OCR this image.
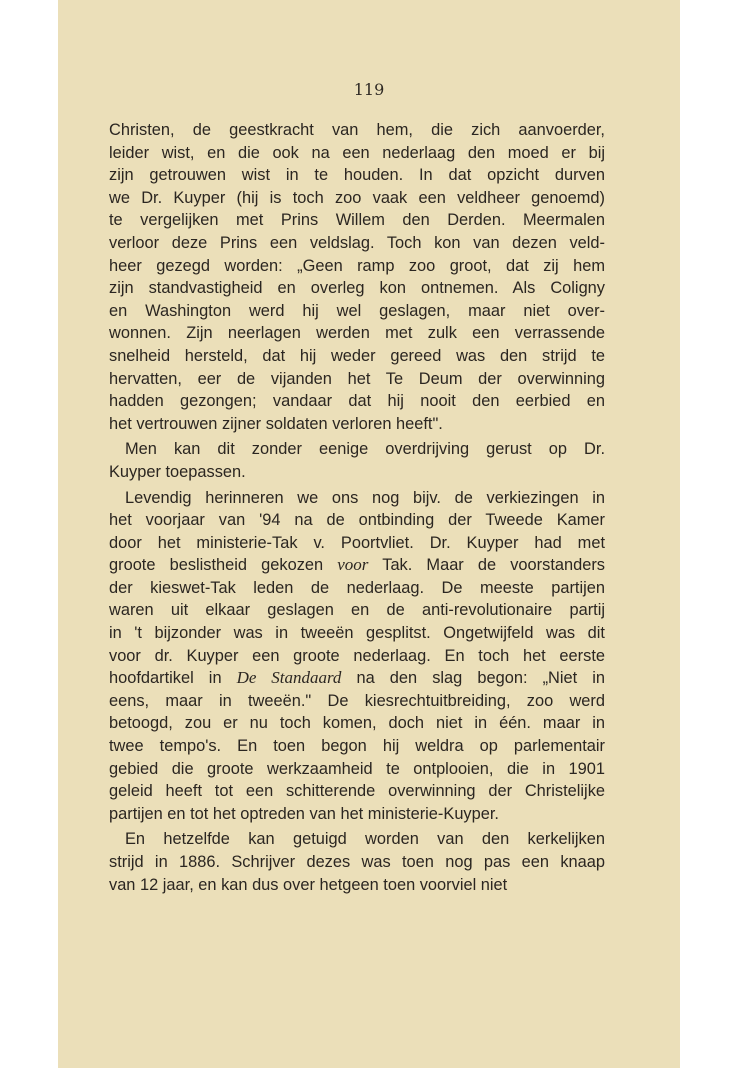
119
Christen, de geestkracht van hem, die zich aanvoerder,
leider wist, en die ook na een nederlaag den moed er bij
zijn getrouwen wist in te houden. In dat opzicht durven
we Dr. Kuyper (hij is toch zoo vaak een veldheer genoemd)
te vergelijken met Prins Willem den Derden. Meermalen
verloor deze Prins een veldslag. Toch kon van dezen veld-
heer gezegd worden: „Geen ramp zoo groot, dat zij hem
zijn standvastigheid en overleg kon ontnemen. Als Coligny
en Washington werd hij wel geslagen, maar niet over-
wonnen. Zijn neerlagen werden met zulk een verrassende
snelheid hersteld, dat hij weder gereed was den strijd te
hervatten, eer de vijanden het Te Deum der overwinning
hadden gezongen; vandaar dat hij nooit den eerbied en
het vertrouwen zijner soldaten verloren heeft".
Men kan dit zonder eenige overdrijving gerust op Dr.
Kuyper toepassen.
Levendig herinneren we ons nog bijv. de verkiezingen in
het voorjaar van '94 na de ontbinding der Tweede Kamer
door het ministerie-Tak v. Poortvliet. Dr. Kuyper had met
groote beslistheid gekozen voor Tak. Maar de voorstanders
der kieswet-Tak leden de nederlaag. De meeste partijen
waren uit elkaar geslagen en de anti-revolutionaire partij
in 't bijzonder was in tweeën gesplitst. Ongetwijfeld was dit
voor dr. Kuyper een groote nederlaag. En toch het eerste
hoofdartikel in De Standaard na den slag begon: „Niet in
eens, maar in tweeën." De kiesrechtuitbreiding, zoo werd
betoogd, zou er nu toch komen, doch niet in één. maar in
twee tempo's. En toen begon hij weldra op parlementair
gebied die groote werkzaamheid te ontplooien, die in 1901
geleid heeft tot een schitterende overwinning der Christelijke
partijen en tot het optreden van het ministerie-Kuyper.
En hetzelfde kan getuigd worden van den kerkelijken
strijd in 1886. Schrijver dezes was toen nog pas een knaap
van 12 jaar, en kan dus over hetgeen toen voorviel niet
